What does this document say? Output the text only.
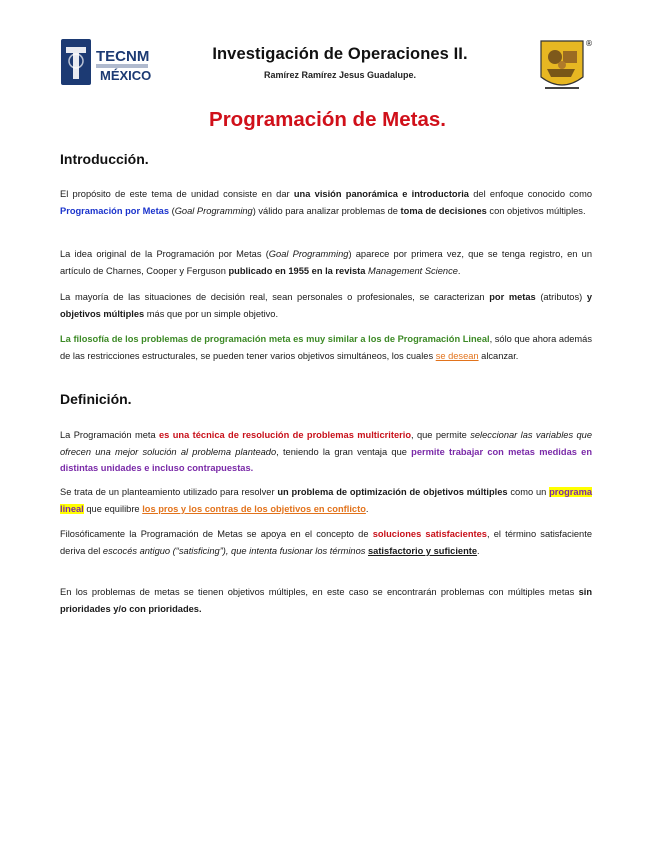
TECNM
MÉXICO
Investigación de Operaciones II.
Ramírez Ramírez Jesus Guadalupe.
®
Programación de Metas.
Introducción.
El propósito de este tema de unidad consiste en dar una visión panorámica e introductoria del enfoque conocido como Programación por Metas (Goal Programming) válido para analizar problemas de toma de decisiones con objetivos múltiples.
La idea original de la Programación por Metas (Goal Programming) aparece por primera vez, que se tenga registro, en un artículo de Charnes, Cooper y Ferguson publicado en 1955 en la revista Management Science.
La mayoría de las situaciones de decisión real, sean personales o profesionales, se caracterizan por metas (atributos) y objetivos múltiples más que por un simple objetivo.
La filosofía de los problemas de programación meta es muy similar a los de Programación Lineal, sólo que ahora además de las restricciones estructurales, se pueden tener varios objetivos simultáneos, los cuales se desean alcanzar.
Definición.
La Programación meta es una técnica de resolución de problemas multicriterio, que permite seleccionar las variables que ofrecen una mejor solución al problema planteado, teniendo la gran ventaja que permite trabajar con metas medidas en distintas unidades e incluso contrapuestas.
Se trata de un planteamiento utilizado para resolver un problema de optimización de objetivos múltiples como un programa lineal que equilibre los pros y los contras de los objetivos en conflicto.
Filosóficamente la Programación de Metas se apoya en el concepto de soluciones satisfacientes, el término satisfaciente deriva del escocés antiguo (“satisficing”), que intenta fusionar los términos satisfactorio y suficiente.
En los problemas de metas se tienen objetivos múltiples, en este caso se encontrarán problemas con múltiples metas sin prioridades y/o con prioridades.
